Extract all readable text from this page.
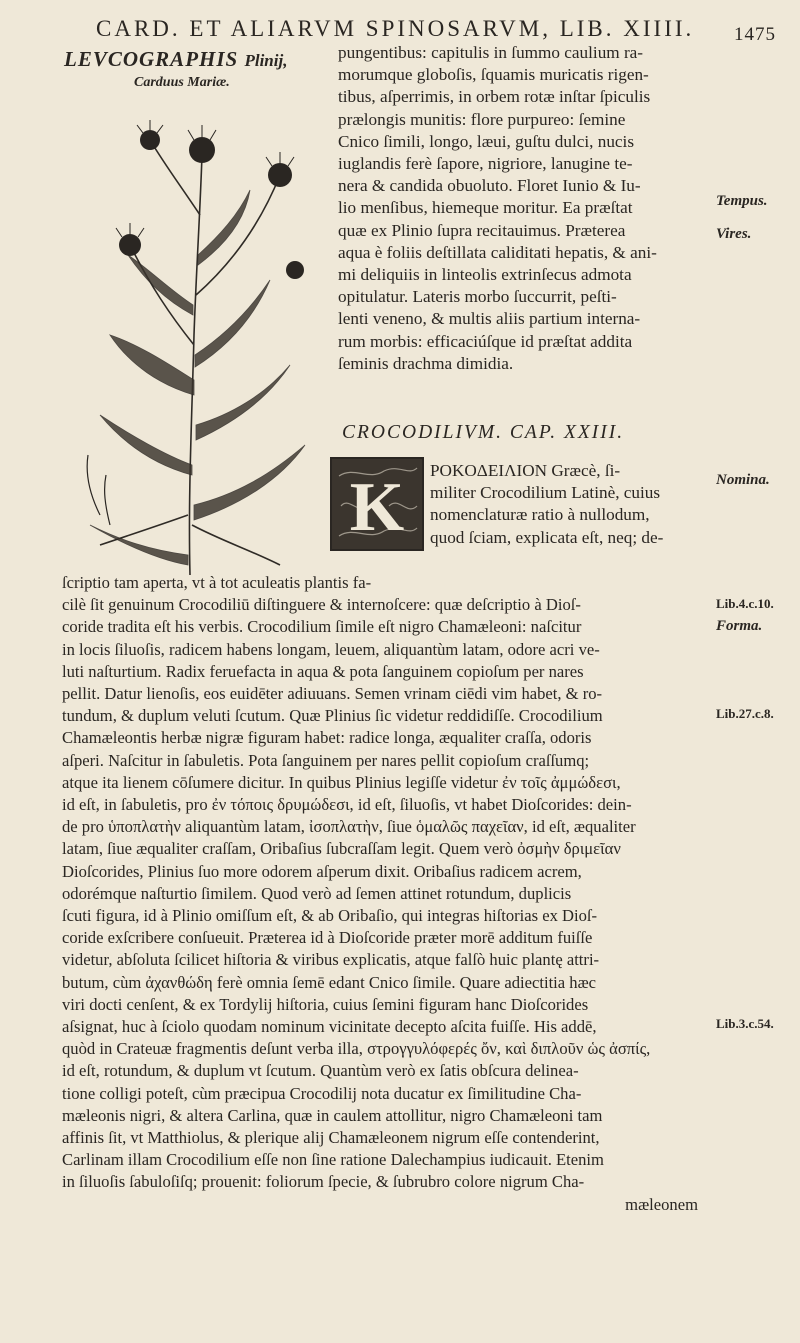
CARD. ET ALIARVM SPINOSARVM, LIB. XIIII. 1475
LEVCOGRAPHIS Plinij,
Carduus Mariæ.

pungentibus: capitulis in ſummo caulium ra-

morumque globoſis, ſquamis muricatis rigen-

tibus, aſperrimis, in orbem rotæ inſtar ſpiculis

prælongis munitis: flore purpureo: ſemine

Cnico ſimili, longo, læui, guſtu dulci, nucis

iuglandis ferè ſapore, nigriore, lanugine te-

nera & candida obuoluto. Floret Iunio & Iu-

lio menſibus, hiemeque moritur. Ea præſtat

quæ ex Plinio ſupra recitauimus. Præterea

aqua è foliis deſtillata caliditati hepatis, & ani-

mi deliquiis in linteolis extrinſecus admota

opitulatur. Lateris morbo ſuccurrit, peſti-

lenti veneno, & multis aliis partium interna-

rum morbis: efficaciúſque id præſtat addita

ſeminis drachma dimidia.

CROCODILIVM. CAP. XXIII.
K POKOΔEIΛION Græcè, ſi-

militer Crocodilium Latinè, cuius

nomenclaturæ ratio à nullodum,

quod ſciam, explicata eſt, neq; de-

ſcriptio tam aperta, vt à tot aculeatis plantis fa-

cilè ſit genuinum Crocodiliū diſtinguere & internoſcere: quæ deſcriptio à Dioſ-

coride tradita eſt his verbis. Crocodilium ſimile eſt nigro Chamæleoni: naſcitur

in locis ſiluoſis, radicem habens longam, leuem, aliquantùm latam, odore acri ve-

luti naſturtium. Radix feruefacta in aqua & pota ſanguinem copioſum per nares

pellit. Datur lienoſis, eos euidēter adiuuans. Semen vrinam ciēdi vim habet, & ro-

tundum, & duplum veluti ſcutum. Quæ Plinius ſic videtur reddidiſſe. Crocodilium

Chamæleontis herbæ nigræ figuram habet: radice longa, æqualiter craſſa, odoris

aſperi. Naſcitur in ſabuletis. Pota ſanguinem per nares pellit copioſum craſſumq;

atque ita lienem cōſumere dicitur. In quibus Plinius legiſſe videtur ἐν τοῖς ἀμμώδεσι,

id eſt, in ſabuletis, pro ἐν τόποις δρυμώδεσι, id eſt, ſiluoſis, vt habet Dioſcorides: dein-

de pro ὑποπλατὴν aliquantùm latam, ἰσοπλατὴν, ſiue ὁμαλῶς παχεῖαν, id eſt, æqualiter

latam, ſiue æqualiter craſſam, Oribaſius ſubcraſſam legit. Quem verò ὀσμὴν δριμεῖαν

Dioſcorides, Plinius ſuo more odorem aſperum dixit. Oribaſius radicem acrem,

odorémque naſturtio ſimilem. Quod verò ad ſemen attinet rotundum, duplicis

ſcuti figura, id à Plinio omiſſum eſt, & ab Oribaſio, qui integras hiſtorias ex Dioſ-

coride exſcribere conſueuit. Præterea id à Dioſcoride præter morē additum fuiſſe

videtur, abſoluta ſcilicet hiſtoria & viribus explicatis, atque falſò huic plantę attri-

butum, cùm ἀχανθώδη ferè omnia ſemē edant Cnico ſimile. Quare adiectitia hæc

viri docti cenſent, & ex Tordylij hiſtoria, cuius ſemini figuram hanc Dioſcorides

aſsignat, huc à ſciolo quodam nominum vicinitate decepto aſcita fuiſſe. His addē,

quòd in Crateuæ fragmentis deſunt verba illa, στρογγυλόφερές ὄν, καὶ διπλοῦν ὡς ἀσπίς,

id eſt, rotundum, & duplum vt ſcutum. Quantùm verò ex ſatis obſcura delinea-

tione colligi poteſt, cùm præcipua Crocodilij nota ducatur ex ſimilitudine Cha-

mæleonis nigri, & altera Carlina, quæ in caulem attollitur, nigro Chamæleoni tam

affinis ſit, vt Matthiolus, & plerique alij Chamæleonem nigrum eſſe contenderint,

Carlinam illam Crocodilium eſſe non ſine ratione Dalechampius iudicauit. Etenim

in ſiluoſis ſabuloſiſq; prouenit: foliorum ſpecie, & ſubrubro colore nigrum Cha-

mæleonem

Tempus.
Vires.
Nomina.
Lib.4.c.10.
Forma.
Lib.27.c.8.
Lib.3.c.54.
